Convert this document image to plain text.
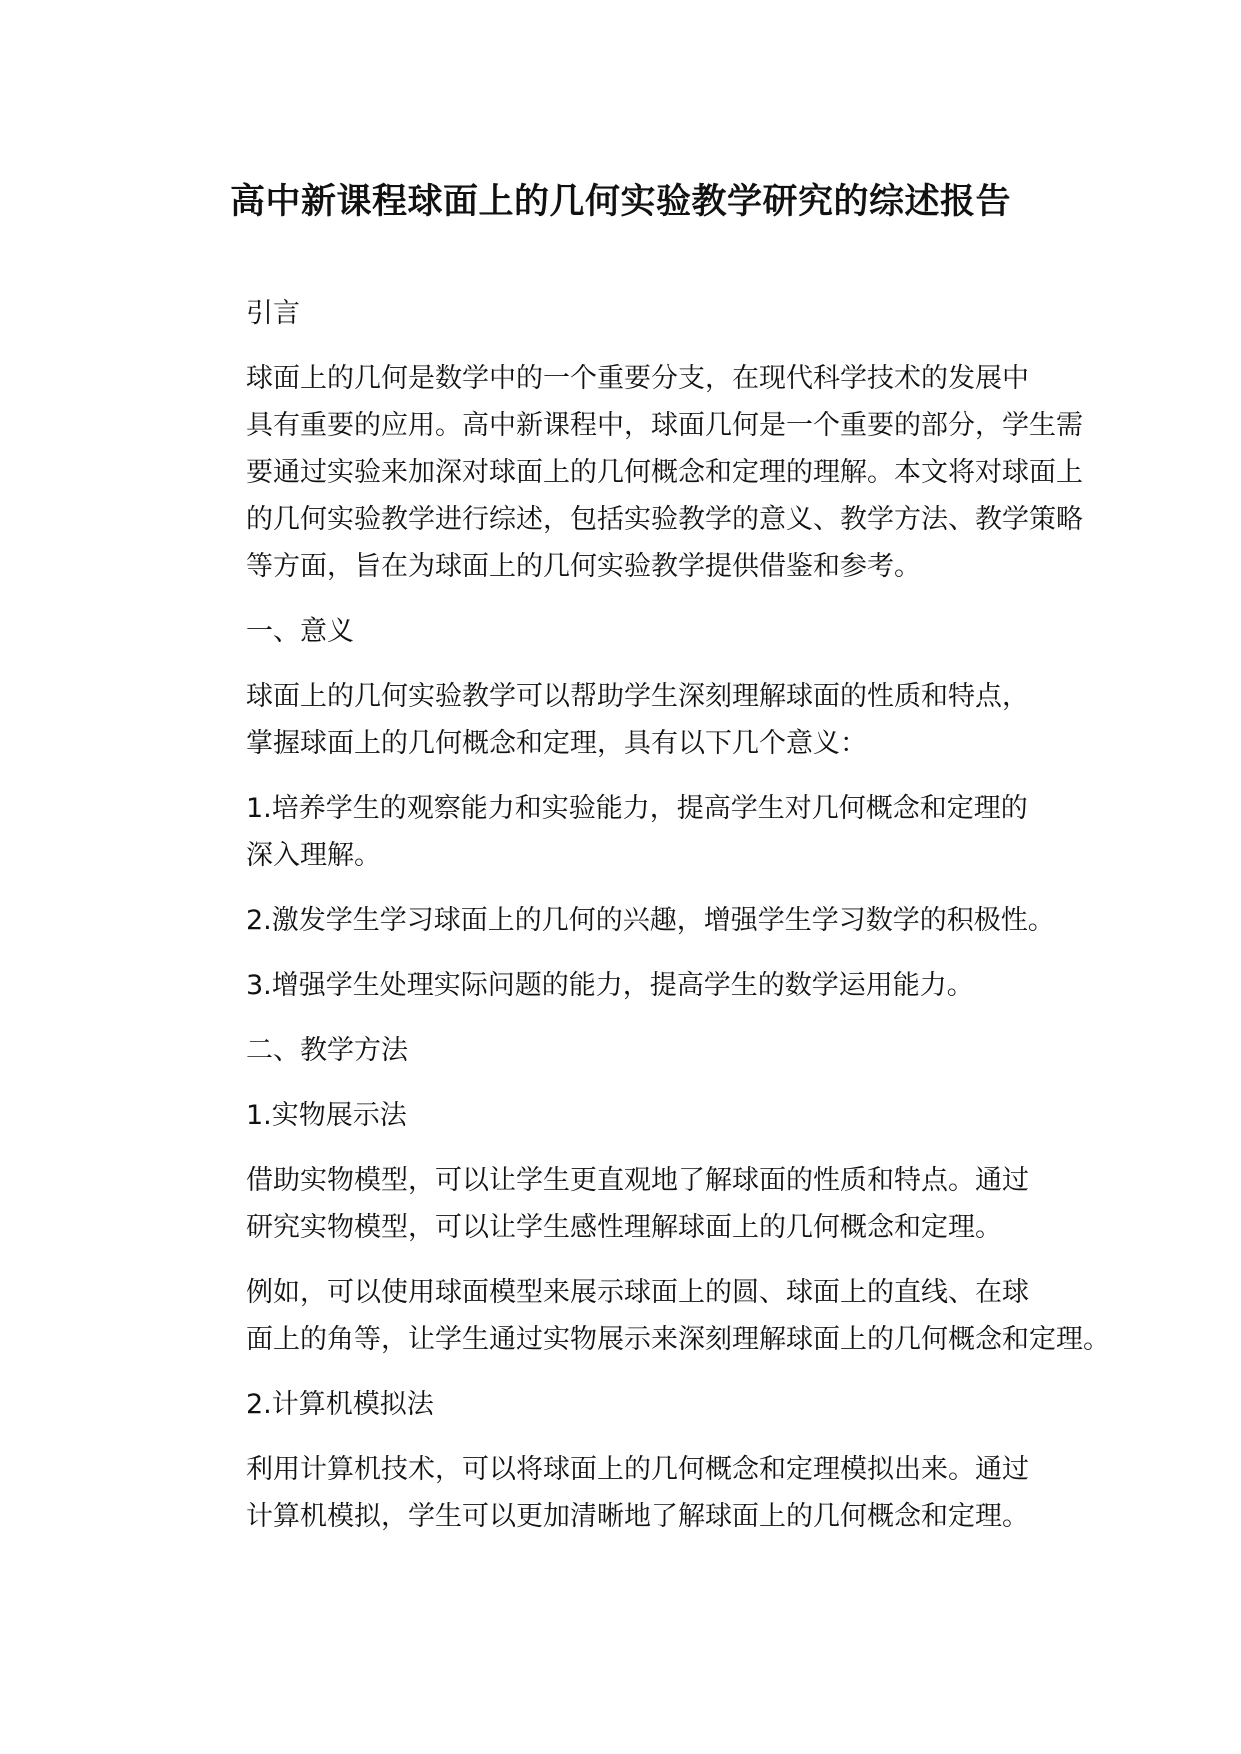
高中新课程球面上的几何实验教学研究的综述报告

引言

球面上的几何是数学中的一个重要分支，在现代科学技术的发展中
具有重要的应用。高中新课程中，球面几何是一个重要的部分，学生需
要通过实验来加深对球面上的几何概念和定理的理解。本文将对球面上
的几何实验教学进行综述，包括实验教学的意义、教学方法、教学策略
等方面，旨在为球面上的几何实验教学提供借鉴和参考。

一、意义

球面上的几何实验教学可以帮助学生深刻理解球面的性质和特点，
掌握球面上的几何概念和定理，具有以下几个意义：

1.培养学生的观察能力和实验能力，提高学生对几何概念和定理的
深入理解。

2.激发学生学习球面上的几何的兴趣，增强学生学习数学的积极性。

3.增强学生处理实际问题的能力，提高学生的数学运用能力。

二、教学方法

1.实物展示法

借助实物模型，可以让学生更直观地了解球面的性质和特点。通过
研究实物模型，可以让学生感性理解球面上的几何概念和定理。

例如，可以使用球面模型来展示球面上的圆、球面上的直线、在球
面上的角等，让学生通过实物展示来深刻理解球面上的几何概念和定理。

2.计算机模拟法

利用计算机技术，可以将球面上的几何概念和定理模拟出来。通过
计算机模拟，学生可以更加清晰地了解球面上的几何概念和定理。
